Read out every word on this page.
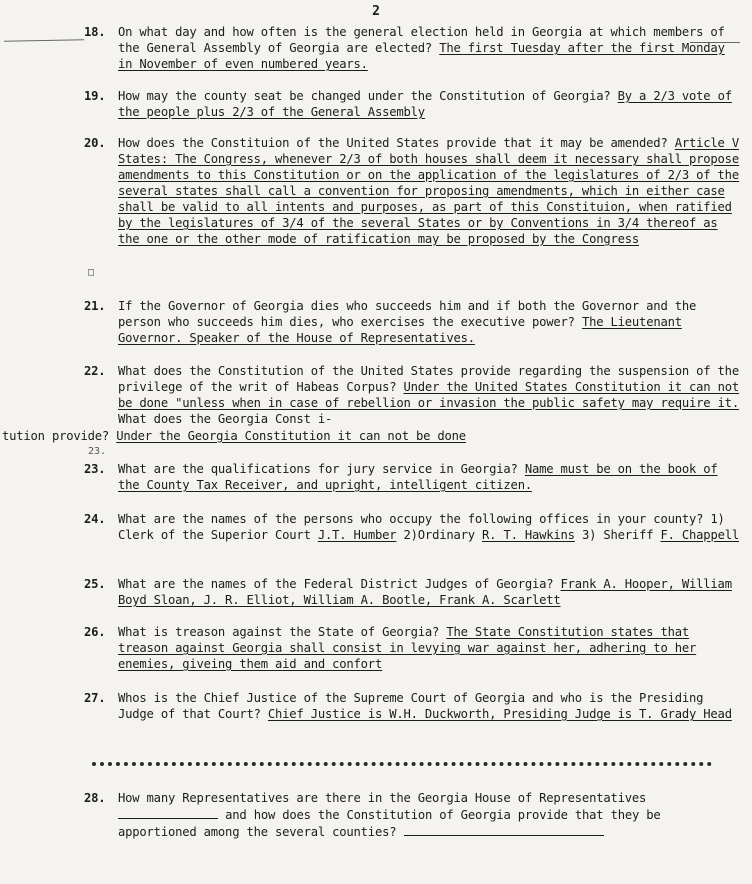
2
18.	On what day and how often is the general election held in Georgia at which members of the General Assembly of Georgia are elected? The first Tuesday after the first Monday in November of even numbered years.
19.	How may the county seat be changed under the Constitution of Georgia? By a 2/3 vote of the people plus 2/3 of the General Assembly
20.	How does the Constituion of the United States provide that it may be amended? Article V States: The Congress, whenever 2/3 of both houses shall deem it necessary shall propose amendments to this Constitution or on the application of the legislatures of 2/3 of the several states shall call a convention for proposing amendments, which in either case shall be valid to all intents and purposes, as part of this Constituion, when ratified by the legislatures of 3/4 of the several States or by Conventions in 3/4 thereof as the one or the other mode of ratification may be proposed by the Congress
□
21.	If the Governor of Georgia dies who succeeds him and if both the Governor and the person who succeeds him dies, who exercises the executive power? The Lieutenant Governor. Speaker of the House of Representatives.
22.	What does the Constitution of the United States provide regarding the suspension of the privilege of the writ of Habeas Corpus? Under the United States Constitution it can not be done "unless when in case of rebellion or invasion the public safety may require it. What does the Georgia Const i-
tution provide? Under the Georgia Constitution it can not be done
23.
23.	What are the qualifications for jury service in Georgia? Name must be on the book of the County Tax Receiver, and upright, intelligent citizen.
24.	What are the names of the persons who occupy the following offices in your county? 1) Clerk of the Superior Court J.T. Humber 2)Ordinary R. T. Hawkins 3) Sheriff F. Chappell
25.	What are the names of the Federal District Judges of Georgia? Frank A. Hooper, William Boyd Sloan, J. R. Elliot, William A. Bootle, Frank A. Scarlett
26.	What is treason against the State of Georgia? The State Constitution states that treason against Georgia shall consist in levying war against her, adhering to her enemies, giveing them aid and confort
27.	Whos is the Chief Justice of the Supreme Court of Georgia and who is the Presiding Judge of that Court? Chief Justice is W.H. Duckworth, Presiding Judge is T. Grady Head
28.	How many Representatives are there in the Georgia House of Representatives  and how does the Constitution of Georgia provide that they be apportioned among the several counties?
